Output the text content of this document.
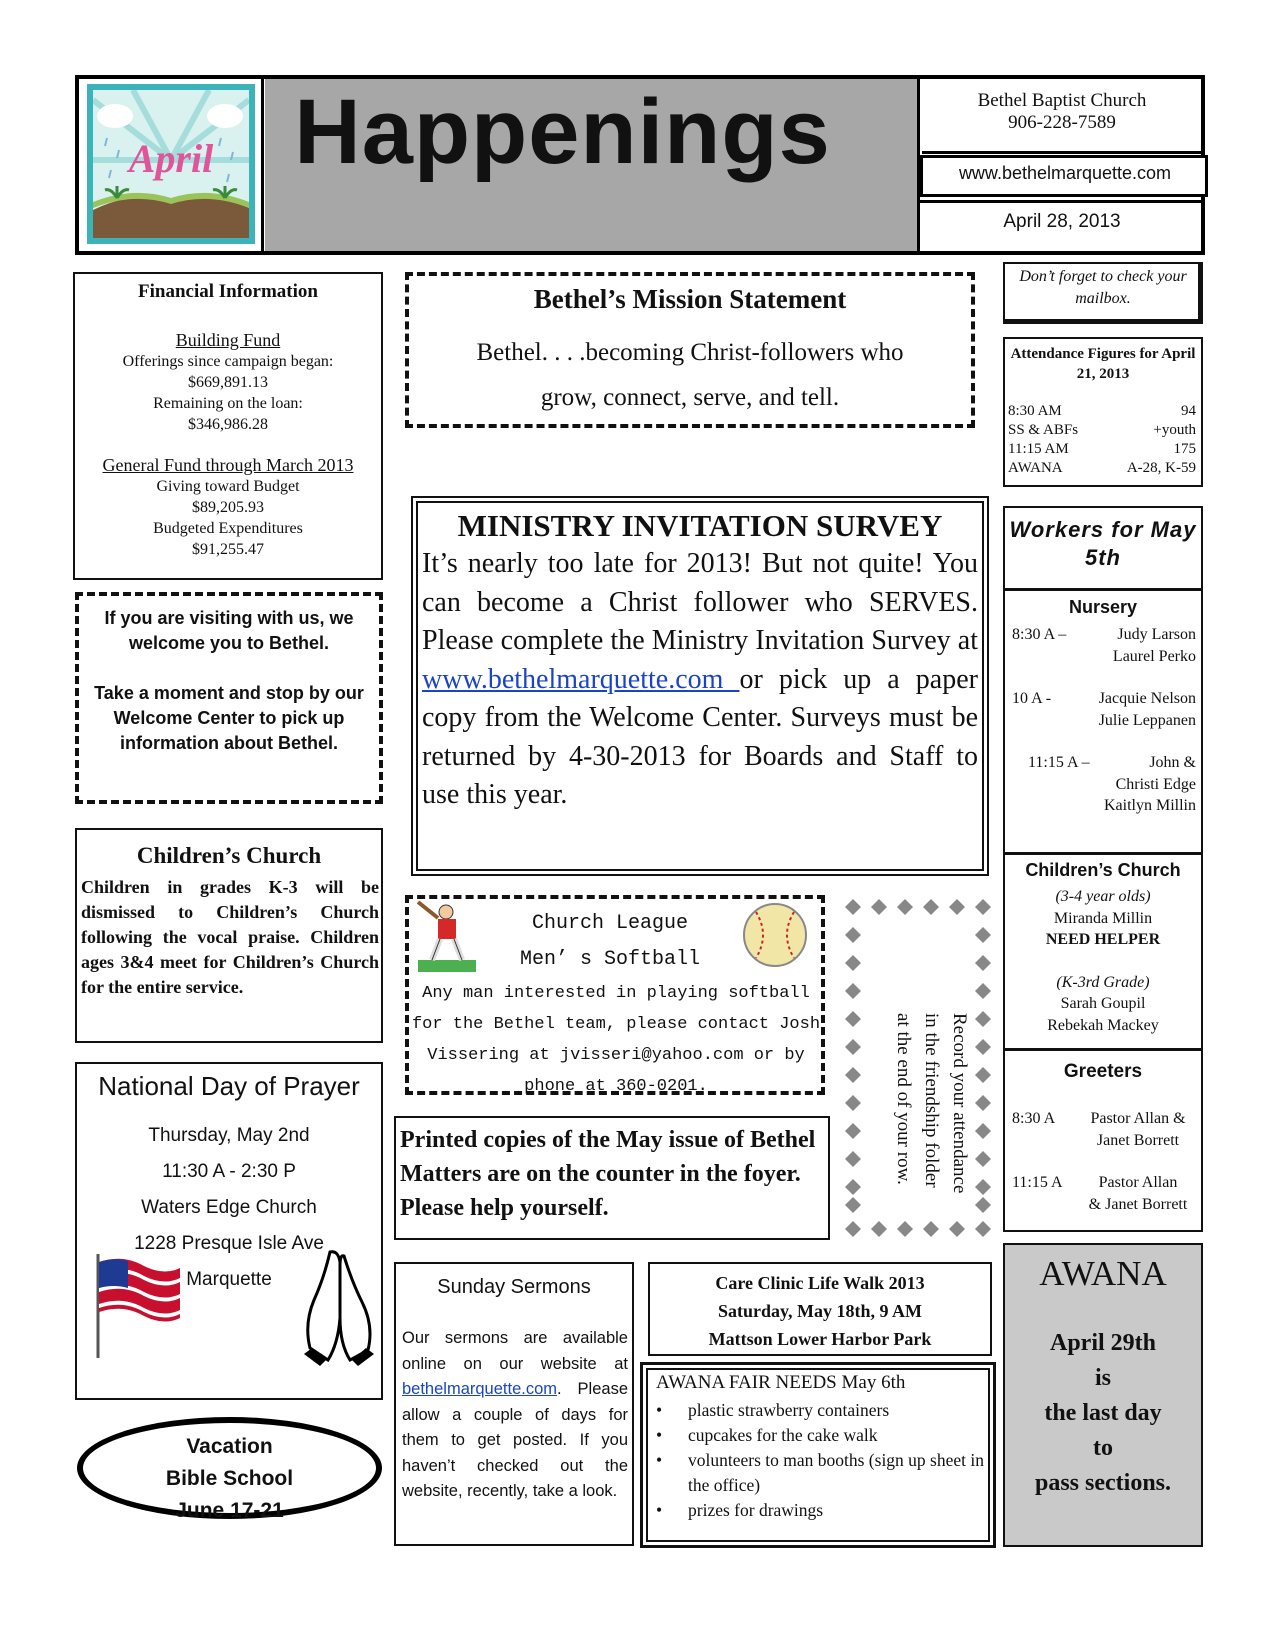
April Happenings	Bethel Baptist Church
906-228-7589
www.bethelmarquette.com
April 28, 2013
Financial Information
Building Fund
Offerings since campaign began:
$669,891.13
Remaining on the loan:
$346,986.28
General Fund through March 2013
Giving toward Budget
$89,205.93
Budgeted Expenditures
$91,255.47
If you are visiting with us, we welcome you to Bethel.
Take a moment and stop by our Welcome Center to pick up information about Bethel.
Children’s Church
Children in grades K-3 will be dismissed to Children’s Church following the vocal praise. Children ages 3&4 meet for Children’s Church for the entire service.
National Day of Prayer
Thursday, May 2nd
11:30 A - 2:30 P
Waters Edge Church
1228 Presque Isle Ave
Marquette
Vacation
Bible School
June 17-21
Bethel’s Mission Statement
Bethel. . . .becoming Christ-followers who
grow, connect, serve, and tell.
MINISTRY INVITATION SURVEY
It’s nearly too late for 2013! But not quite! You can become a Christ follower who SERVES. Please complete the Ministry Invitation Survey at www.bethelmarquette.com or pick up a paper copy from the Welcome Center. Surveys must be returned by 4-30-2013 for Boards and Staff to use this year.
Church League
Men’ s Softball
Any man interested in playing softball for the Bethel team, please contact Josh Vissering at jvisseri@yahoo.com or by phone at 360-0201.	Record your attendance
in the friendship folder
at the end of your row.
Printed copies of the May issue of Bethel Matters are on the counter in the foyer. Please help yourself.
Sunday Sermons
Our sermons are available online on our website at bethelmarquette.com. Please allow a couple of days for them to get posted. If you haven’t checked out the website, recently, take a look.
Care Clinic Life Walk 2013
Saturday, May 18th, 9 AM
Mattson Lower Harbor Park
AWANA FAIR NEEDS May 6th
• plastic strawberry containers
• cupcakes for the cake walk
• volunteers to man booths (sign up sheet in the office)
• prizes for drawings
Don’t forget to check your mailbox.
Attendance Figures for April 21, 2013
8:30 AM	94
SS & ABFs	+youth
11:15 AM	175
AWANA	A-28, K-59
Workers for May 5th
Nursery
8:30 A –	Judy Larson
Laurel Perko
10 A -	Jacquie Nelson
Julie Leppanen
11:15 A –	John &
Christi Edge
Kaitlyn Millin
Children’s Church
(3-4 year olds)
Miranda Millin
NEED HELPER
(K-3rd Grade)
Sarah Goupil
Rebekah Mackey
Greeters
8:30 A	Pastor Allan &
Janet Borrett
11:15 A	Pastor Allan
& Janet Borrett
AWANA
April 29th
is
the last day
to
pass sections.
